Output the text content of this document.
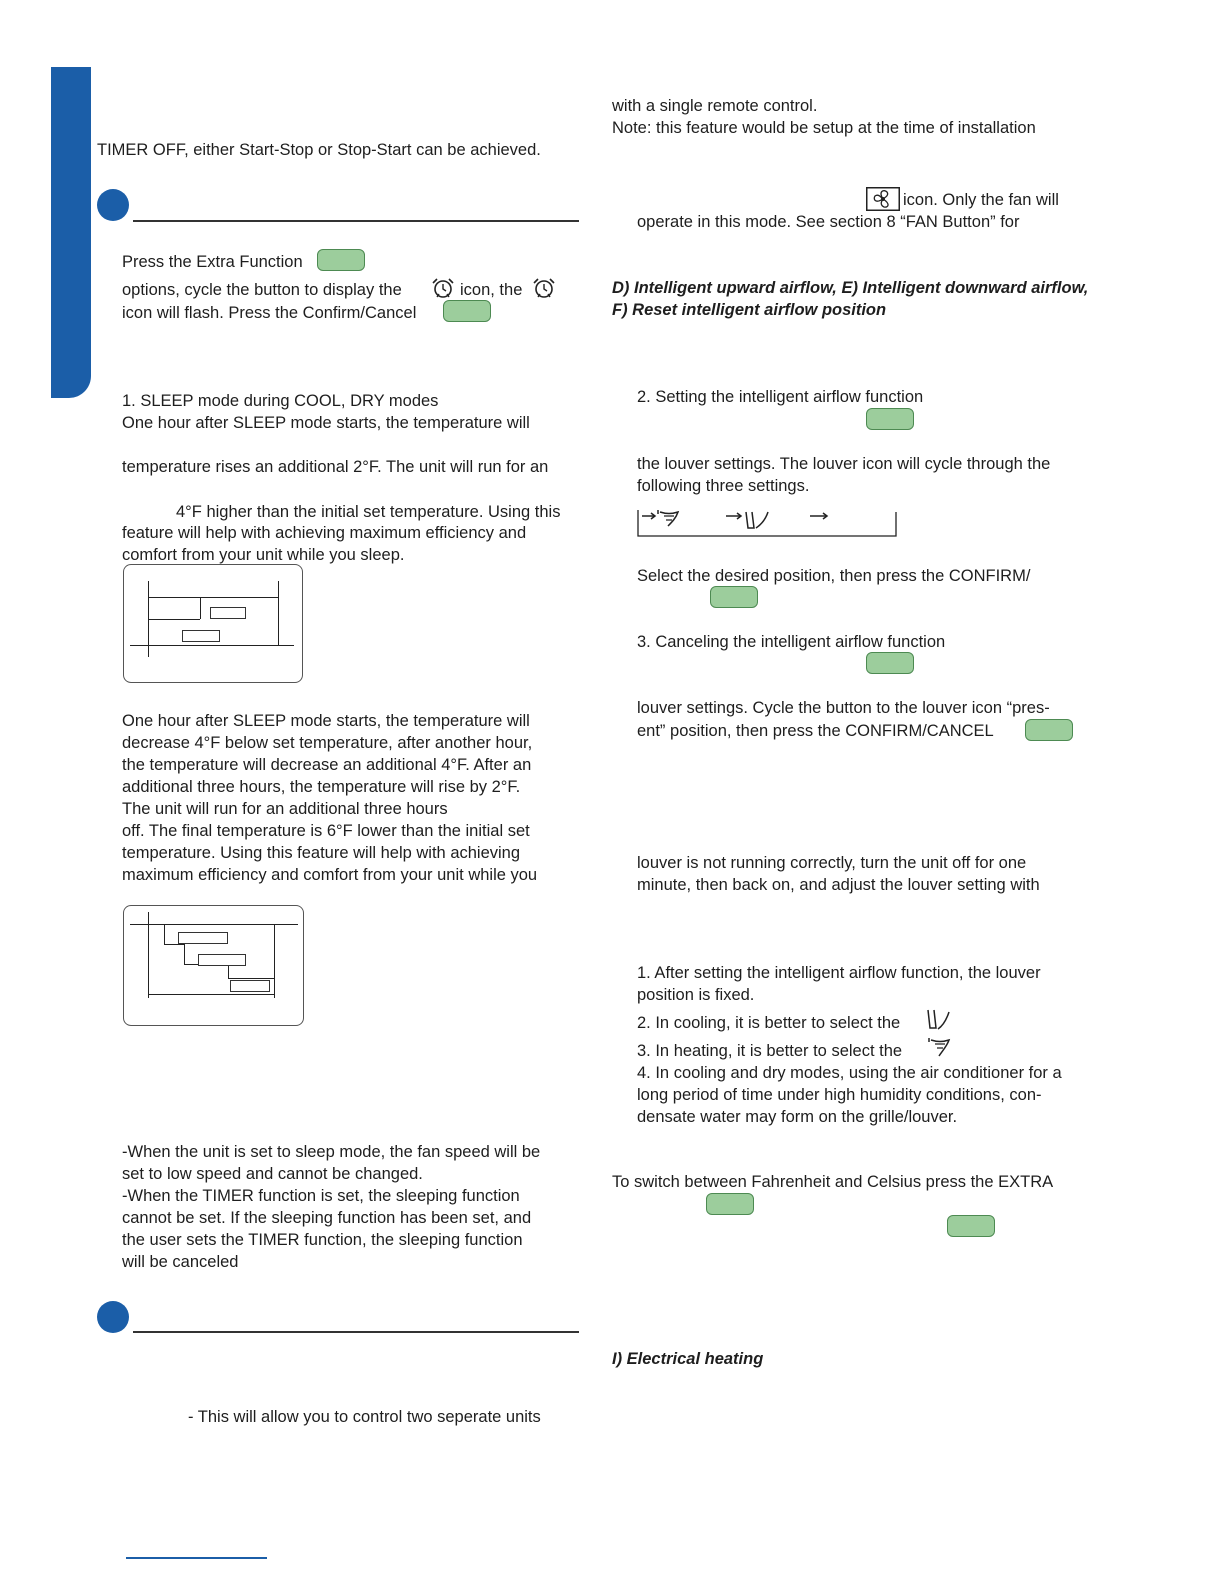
TIMER OFF, either Start-Stop or Stop-Start can be achieved.
Press the Extra Function
options, cycle the button to display the	icon, the
icon will flash. Press the Confirm/Cancel
1. SLEEP mode during COOL, DRY modes
One hour after SLEEP mode starts, the temperature will
temperature rises an additional 2°F. The unit will run for an
4°F higher than the initial set temperature. Using this
feature will help with achieving maximum efficiency and
comfort from your unit while you sleep.
One hour after SLEEP mode starts, the temperature will
decrease 4°F below set temperature, after another hour,
the temperature will decrease an additional 4°F. After an
additional three hours, the temperature will rise by 2°F.
The unit will run for an additional three hours
off. The final temperature is 6°F lower than the initial set
temperature. Using this feature will help with achieving
maximum efficiency and comfort from your unit while you
-When the unit is set to sleep mode, the fan speed will be
set to low speed and cannot be changed.
-When the TIMER function is set, the sleeping function
cannot be set. If the sleeping function has been set, and
the user sets the TIMER function, the sleeping function
will be canceled
- This will allow you to control two seperate units
with a single remote control.
Note: this feature would be setup at the time of installation
icon. Only the fan will
operate in this mode. See section 8 “FAN Button” for
D) Intelligent upward airflow, E) Intelligent downward airflow,
F) Reset intelligent airflow position
2. Setting the intelligent airflow function
the louver settings. The louver icon will cycle through the
following three settings.
Select the desired position, then press the CONFIRM/
3. Canceling the intelligent airflow function
louver settings. Cycle the button to the louver icon “pres-
ent” position, then press the CONFIRM/CANCEL
louver is not running correctly, turn the unit off for one
minute, then back on, and adjust the louver setting with
1. After setting the intelligent airflow function, the louver
position is fixed.
2. In cooling, it is better to select the
3. In heating, it is better to select the
4. In cooling and dry modes, using the air conditioner for a
long period of time under high humidity conditions, con-
densate water may form on the grille/louver.
To switch between Fahrenheit and Celsius press the EXTRA
I) Electrical heating
